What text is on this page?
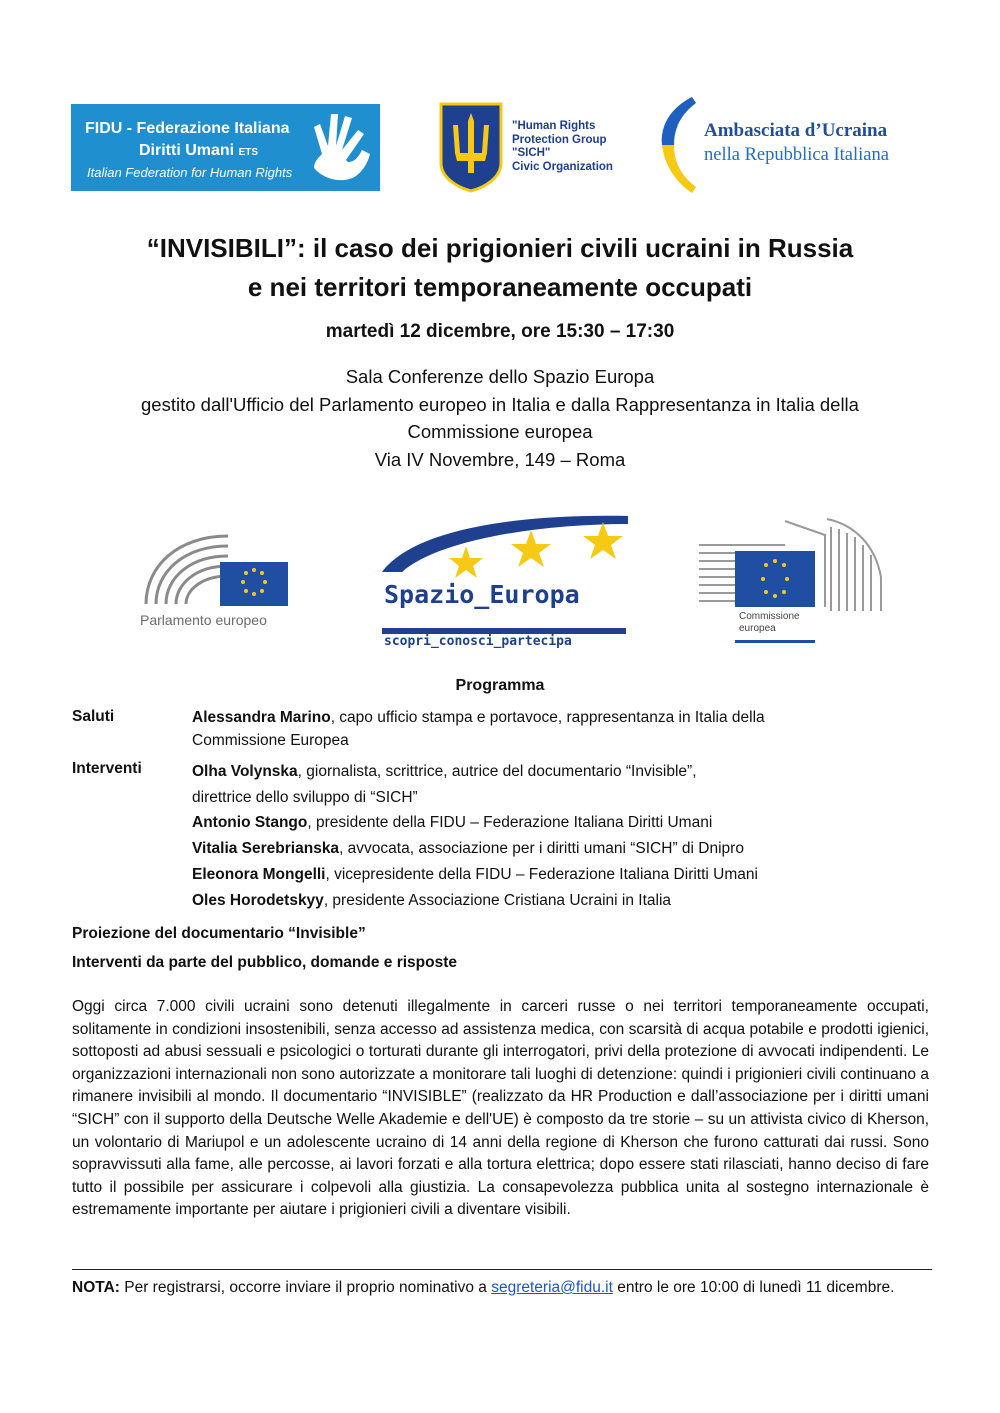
FIDU - Federazione Italiana
Diritti Umani ETS
Italian Federation for Human Rights
"Human Rights
Protection Group
"SICH"
Civic Organization
Ambasciata d’Ucraina
nella Repubblica Italiana
“INVISIBILI”: il caso dei prigionieri civili ucraini in Russia
e nei territori temporaneamente occupati
martedì 12 dicembre, ore 15:30 – 17:30
Sala Conferenze dello Spazio Europa
gestito dall'Ufficio del Parlamento europeo in Italia e dalla Rappresentanza in Italia della
Commissione europea
Via IV Novembre, 149 – Roma
Parlamento europeo
Spazio_Europa
scopri_conosci_partecipa
Commissione
europea
Programma
Saluti	Alessandra Marino, capo ufficio stampa e portavoce, rappresentanza in Italia della
Commissione Europea
Interventi	Olha Volynska, giornalista, scrittrice, autrice del documentario “Invisible”,
direttrice dello sviluppo di “SICH”
Antonio Stango, presidente della FIDU – Federazione Italiana Diritti Umani
Vitalia Serebrianska, avvocata, associazione per i diritti umani “SICH” di Dnipro
Eleonora Mongelli, vicepresidente della FIDU – Federazione Italiana Diritti Umani
Oles Horodetskyy, presidente Associazione Cristiana Ucraini in Italia
Proiezione del documentario “Invisible”
Interventi da parte del pubblico, domande e risposte
Oggi circa 7.000 civili ucraini sono detenuti illegalmente in carceri russe o nei territori temporaneamente occupati, solitamente in condizioni insostenibili, senza accesso ad assistenza medica, con scarsità di acqua potabile e prodotti igienici, sottoposti ad abusi sessuali e psicologici o torturati durante gli interrogatori, privi della protezione di avvocati indipendenti. Le organizzazioni internazionali non sono autorizzate a monitorare tali luoghi di detenzione: quindi i prigionieri civili continuano a rimanere invisibili al mondo. Il documentario “INVISIBLE” (realizzato da HR Production e dall’associazione per i diritti umani “SICH” con il supporto della Deutsche Welle Akademie e dell'UE) è composto da tre storie – su un attivista civico di Kherson, un volontario di Mariupol e un adolescente ucraino di 14 anni della regione di Kherson che furono catturati dai russi. Sono sopravvissuti alla fame, alle percosse, ai lavori forzati e alla tortura elettrica; dopo essere stati rilasciati, hanno deciso di fare tutto il possibile per assicurare i colpevoli alla giustizia. La consapevolezza pubblica unita al sostegno internazionale è estremamente importante per aiutare i prigionieri civili a diventare visibili.
NOTA: Per registrarsi, occorre inviare il proprio nominativo a segreteria@fidu.it entro le ore 10:00 di lunedì 11 dicembre.
